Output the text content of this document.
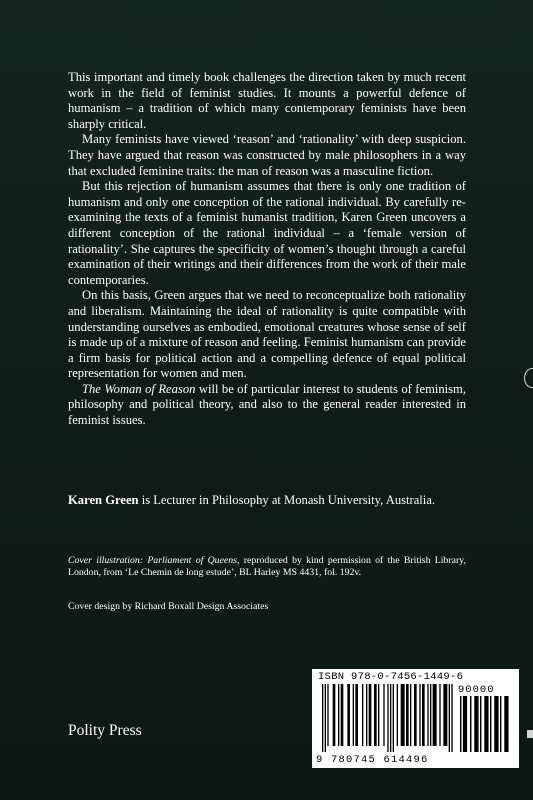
This important and timely book challenges the direction taken by much recent work in the field of feminist studies. It mounts a powerful defence of humanism – a tradition of which many contemporary feminists have been sharply critical.

Many feminists have viewed ‘reason’ and ‘rationality’ with deep suspicion. They have argued that reason was constructed by male philosophers in a way that excluded feminine traits: the man of reason was a masculine fiction.

But this rejection of humanism assumes that there is only one tradition of humanism and only one conception of the rational individual. By carefully re-examining the texts of a feminist humanist tradition, Karen Green uncovers a different conception of the rational individual – a ‘female version of rationality’. She captures the specificity of women’s thought through a careful examination of their writings and their differences from the work of their male contemporaries.

On this basis, Green argues that we need to reconceptualize both rationality and liberalism. Maintaining the ideal of rationality is quite compatible with understanding ourselves as embodied, emotional creatures whose sense of self is made up of a mixture of reason and feeling. Feminist humanism can provide a firm basis for political action and a compelling defence of equal political representation for women and men.

The Woman of Reason will be of particular interest to students of feminism, philosophy and political theory, and also to the general reader interested in feminist issues.

Karen Green is Lecturer in Philosophy at Monash University, Australia.
Cover illustration: Parliament of Queens, reproduced by kind permission of the British Library, London, from ‘Le Chemin de long estude’, BL Harley MS 4431, fol. 192v.
Cover design by Richard Boxall Design Associates
Polity Press
ISBN 978-0-7456-1449-6
90000
9 780745 614496
